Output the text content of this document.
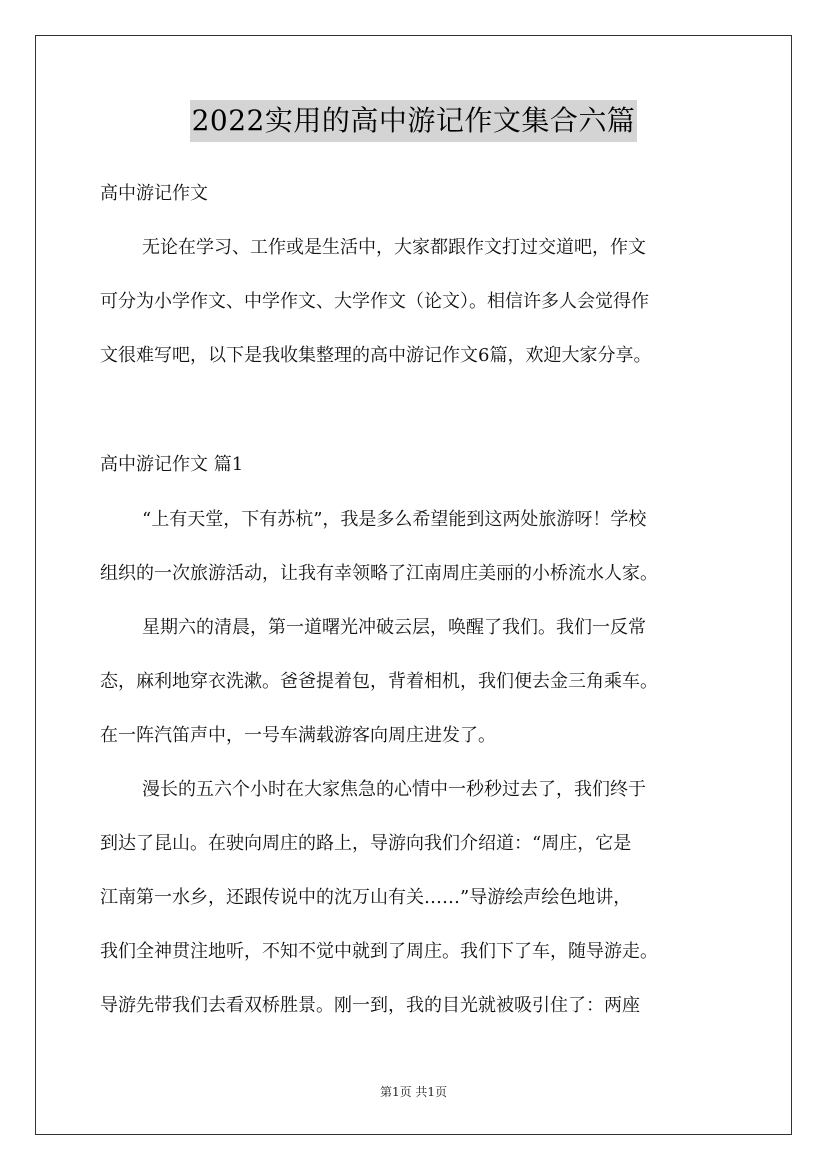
2022实用的高中游记作文集合六篇
高中游记作文
无论在学习、工作或是生活中，大家都跟作文打过交道吧，作文
可分为小学作文、中学作文、大学作文（论文）。相信许多人会觉得作
文很难写吧，以下是我收集整理的高中游记作文6篇，欢迎大家分享。
高中游记作文 篇1
“上有天堂，下有苏杭”，我是多么希望能到这两处旅游呀！学校
组织的一次旅游活动，让我有幸领略了江南周庄美丽的小桥流水人家。
星期六的清晨，第一道曙光冲破云层，唤醒了我们。我们一反常
态，麻利地穿衣洗漱。爸爸提着包，背着相机，我们便去金三角乘车。
在一阵汽笛声中，一号车满载游客向周庄进发了。
漫长的五六个小时在大家焦急的心情中一秒秒过去了，我们终于
到达了昆山。在驶向周庄的路上，导游向我们介绍道：“周庄，它是
江南第一水乡，还跟传说中的沈万山有关……”导游绘声绘色地讲，
我们全神贯注地听，不知不觉中就到了周庄。我们下了车，随导游走。
导游先带我们去看双桥胜景。刚一到，我的目光就被吸引住了：两座
第1页 共1页
